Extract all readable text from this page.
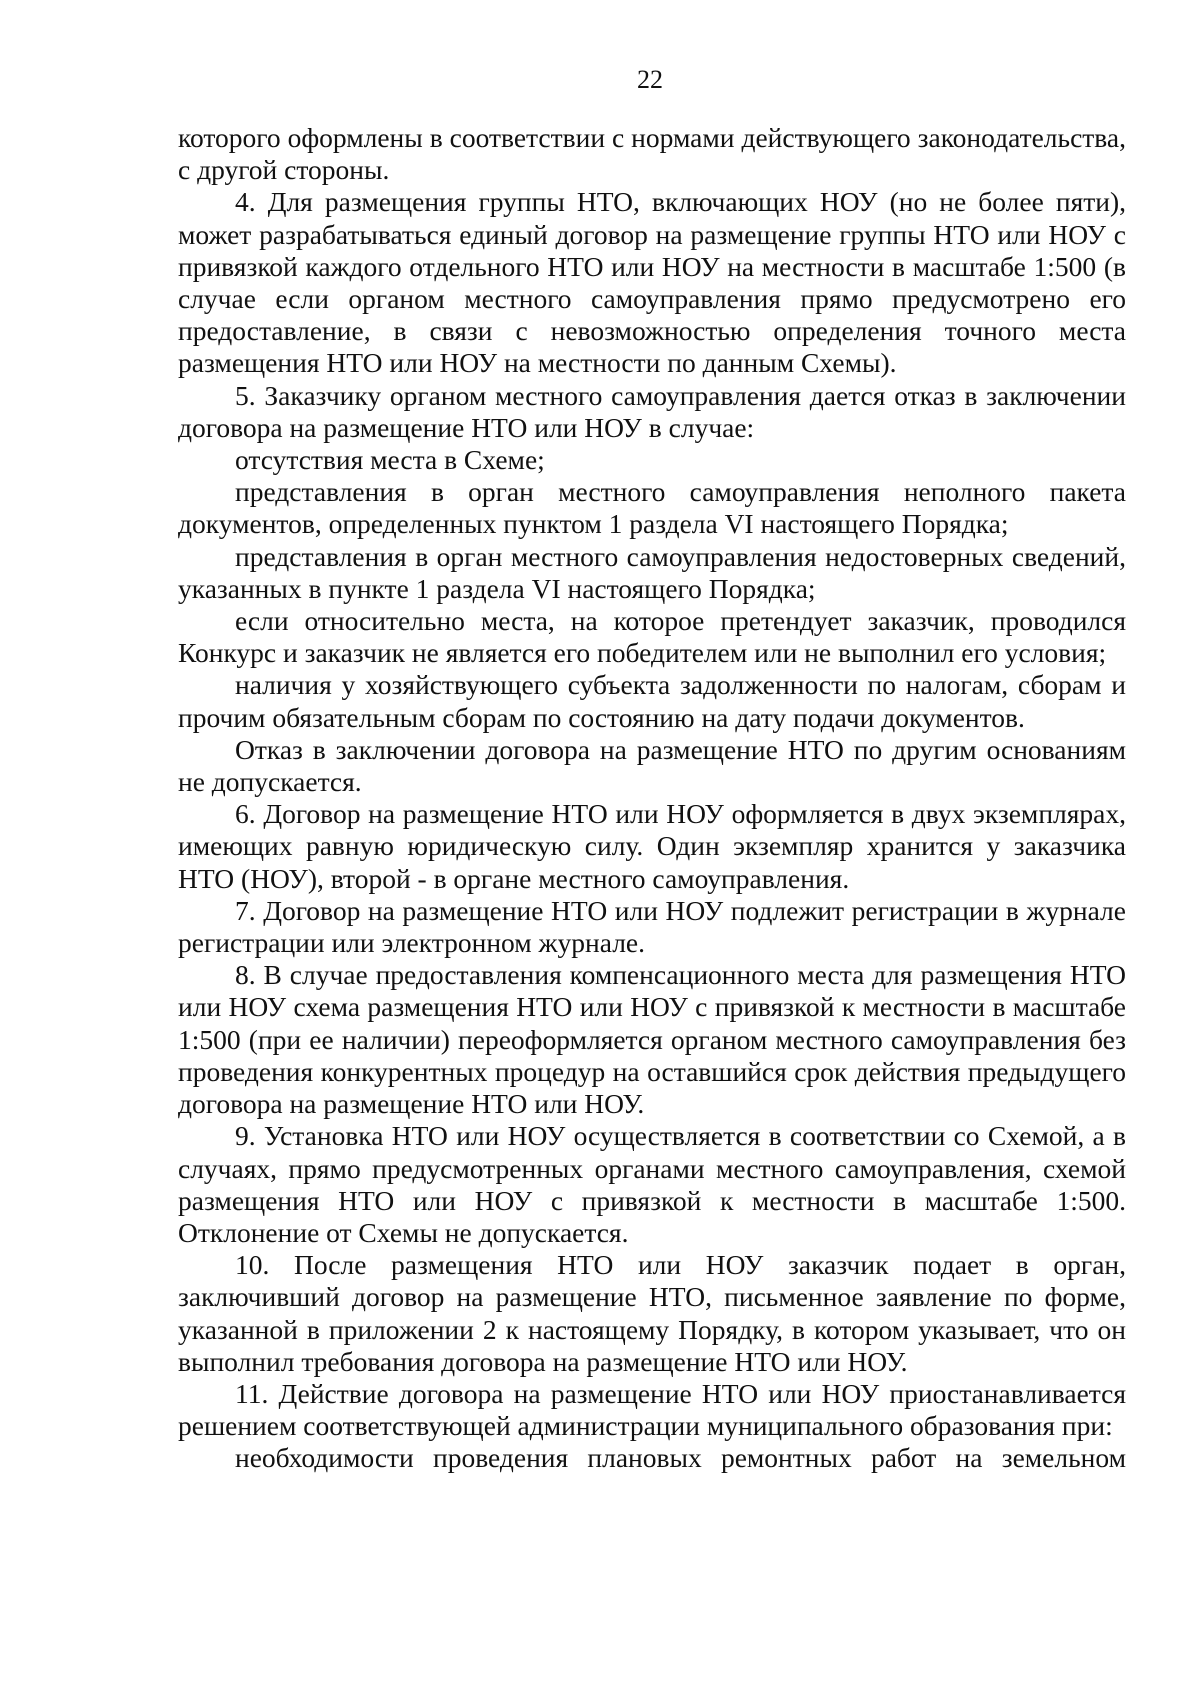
22

которого оформлены в соответствии с нормами действующего законодательства, с другой стороны.

4. Для размещения группы НТО, включающих НОУ (но не более пяти), может разрабатываться единый договор на размещение группы НТО или НОУ с привязкой каждого отдельного НТО или НОУ на местности в масштабе 1:500 (в случае если органом местного самоуправления прямо предусмотрено его предоставление, в связи с невозможностью определения точного места размещения НТО или НОУ на местности по данным Схемы).

5. Заказчику органом местного самоуправления дается отказ в заключении договора на размещение НТО или НОУ в случае:

отсутствия места в Схеме;

представления в орган местного самоуправления неполного пакета документов, определенных пунктом 1 раздела VI настоящего Порядка;

представления в орган местного самоуправления недостоверных сведений, указанных в пункте 1 раздела VI настоящего Порядка;

если относительно места, на которое претендует заказчик, проводился Конкурс и заказчик не является его победителем или не выполнил его условия;

наличия у хозяйствующего субъекта задолженности по налогам, сборам и прочим обязательным сборам по состоянию на дату подачи документов.

Отказ в заключении договора на размещение НТО по другим основаниям не допускается.

6. Договор на размещение НТО или НОУ оформляется в двух экземплярах, имеющих равную юридическую силу. Один экземпляр хранится у заказчика НТО (НОУ), второй - в органе местного самоуправления.

7. Договор на размещение НТО или НОУ подлежит регистрации в журнале регистрации или электронном журнале.

8. В случае предоставления компенсационного места для размещения НТО или НОУ схема размещения НТО или НОУ с привязкой к местности в масштабе 1:500 (при ее наличии) переоформляется органом местного самоуправления без проведения конкурентных процедур на оставшийся срок действия предыдущего договора на размещение НТО или НОУ.

9. Установка НТО или НОУ осуществляется в соответствии со Схемой, а в случаях, прямо предусмотренных органами местного самоуправления, схемой размещения НТО или НОУ с привязкой к местности в масштабе 1:500. Отклонение от Схемы не допускается.

10. После размещения НТО или НОУ заказчик подает в орган, заключивший договор на размещение НТО, письменное заявление по форме, указанной в приложении 2 к настоящему Порядку, в котором указывает, что он выполнил требования договора на размещение НТО или НОУ.

11. Действие договора на размещение НТО или НОУ приостанавливается решением соответствующей администрации муниципального образования при:

необходимости проведения плановых ремонтных работ на земельном
